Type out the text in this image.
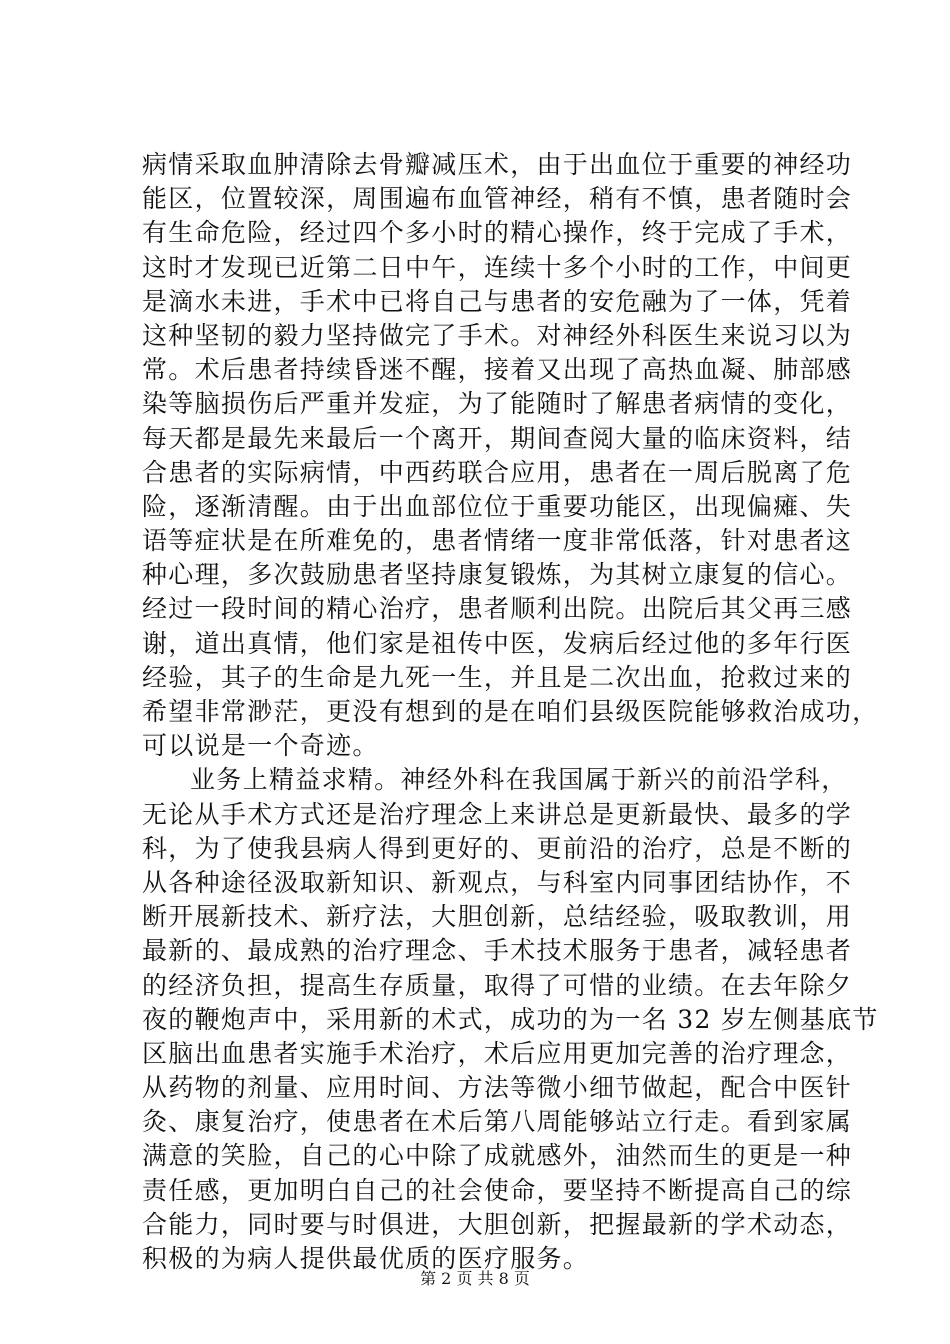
病情采取血肿清除去骨瓣减压术，由于出血位于重要的神经功
能区，位置较深，周围遍布血管神经，稍有不慎，患者随时会
有生命危险，经过四个多小时的精心操作，终于完成了手术，
这时才发现已近第二日中午，连续十多个小时的工作，中间更
是滴水未进，手术中已将自己与患者的安危融为了一体，凭着
这种坚韧的毅力坚持做完了手术。对神经外科医生来说习以为
常。术后患者持续昏迷不醒，接着又出现了高热血凝、肺部感
染等脑损伤后严重并发症，为了能随时了解患者病情的变化，
每天都是最先来最后一个离开，期间查阅大量的临床资料，结
合患者的实际病情，中西药联合应用，患者在一周后脱离了危
险，逐渐清醒。由于出血部位位于重要功能区，出现偏瘫、失
语等症状是在所难免的，患者情绪一度非常低落，针对患者这
种心理，多次鼓励患者坚持康复锻炼，为其树立康复的信心。
经过一段时间的精心治疗，患者顺利出院。出院后其父再三感
谢，道出真情，他们家是祖传中医，发病后经过他的多年行医
经验，其子的生命是九死一生，并且是二次出血，抢救过来的
希望非常渺茫，更没有想到的是在咱们县级医院能够救治成功，
可以说是一个奇迹。
业务上精益求精。神经外科在我国属于新兴的前沿学科，
无论从手术方式还是治疗理念上来讲总是更新最快、最多的学
科，为了使我县病人得到更好的、更前沿的治疗，总是不断的
从各种途径汲取新知识、新观点，与科室内同事团结协作，不
断开展新技术、新疗法，大胆创新，总结经验，吸取教训，用
最新的、最成熟的治疗理念、手术技术服务于患者，减轻患者
的经济负担，提高生存质量，取得了可惜的业绩。在去年除夕
夜的鞭炮声中，采用新的术式，成功的为一名 32 岁左侧基底节
区脑出血患者实施手术治疗，术后应用更加完善的治疗理念，
从药物的剂量、应用时间、方法等微小细节做起，配合中医针
灸、康复治疗，使患者在术后第八周能够站立行走。看到家属
满意的笑脸，自己的心中除了成就感外，油然而生的更是一种
责任感，更加明白自己的社会使命，要坚持不断提高自己的综
合能力，同时要与时俱进，大胆创新，把握最新的学术动态，
积极的为病人提供最优质的医疗服务。
第 2 页 共 8 页
